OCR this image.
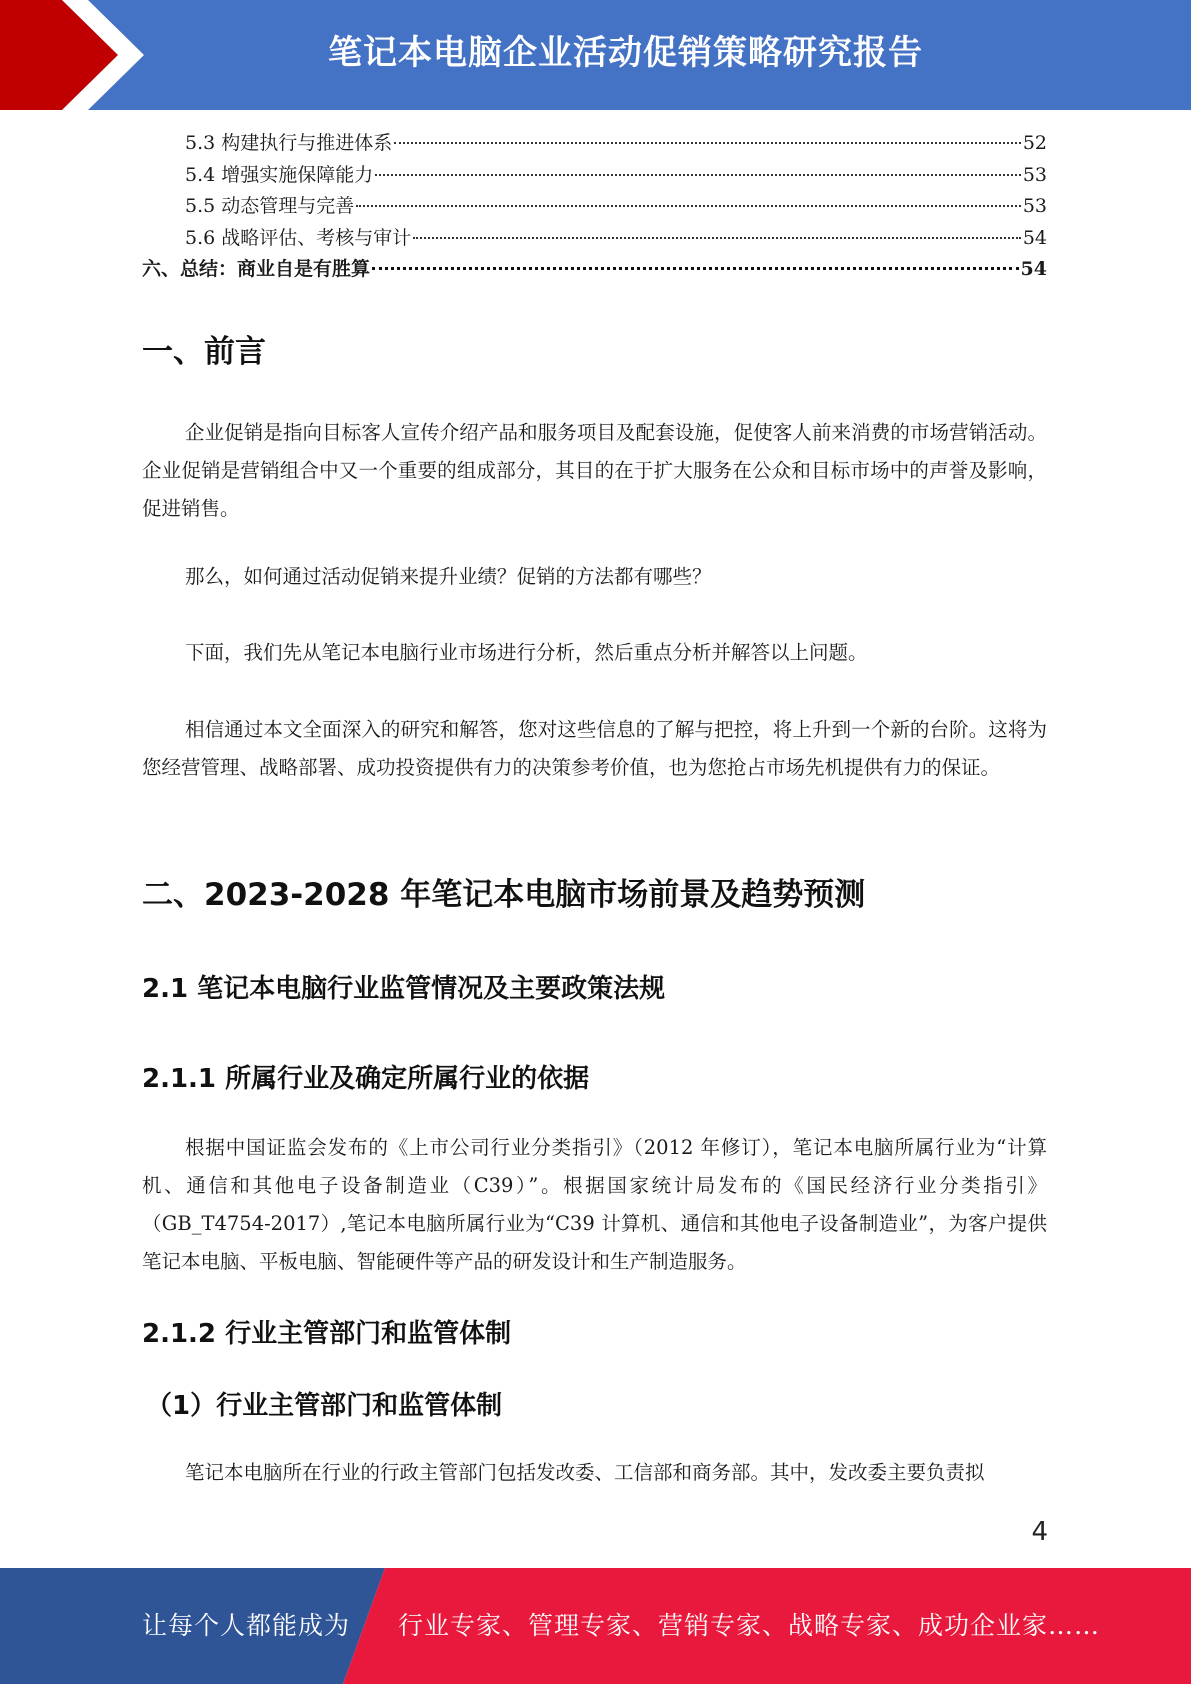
笔记本电脑企业活动促销策略研究报告
5.3 构建执行与推进体系	52
5.4 增强实施保障能力	53
5.5 动态管理与完善	53
5.6 战略评估、考核与审计	54
六、总结：商业自是有胜算	54
一、前言

企业促销是指向目标客人宣传介绍产品和服务项目及配套设施，促使客人前来消费的市场营销活动。企业促销是营销组合中又一个重要的组成部分，其目的在于扩大服务在公众和目标市场中的声誉及影响，促进销售。

那么，如何通过活动促销来提升业绩？促销的方法都有哪些？

下面，我们先从笔记本电脑行业市场进行分析，然后重点分析并解答以上问题。

相信通过本文全面深入的研究和解答，您对这些信息的了解与把控，将上升到一个新的台阶。这将为您经营管理、战略部署、成功投资提供有力的决策参考价值，也为您抢占市场先机提供有力的保证。

二、2023-2028 年笔记本电脑市场前景及趋势预测
2.1 笔记本电脑行业监管情况及主要政策法规
2.1.1 所属行业及确定所属行业的依据

根据中国证监会发布的《上市公司行业分类指引》（2012 年修订），笔记本电脑所属行业为“计算机、通信和其他电子设备制造业（C39）”。根据国家统计局发布的《国民经济行业分类指引》（GB_T4754-2017）,笔记本电脑所属行业为“C39 计算机、通信和其他电子设备制造业”，为客户提供笔记本电脑、平板电脑、智能硬件等产品的研发设计和生产制造服务。

2.1.2 行业主管部门和监管体制
（1）行业主管部门和监管体制

笔记本电脑所在行业的行政主管部门包括发改委、工信部和商务部。其中，发改委主要负责拟

4
让每个人都能成为 行业专家、管理专家、营销专家、战略专家、成功企业家……
